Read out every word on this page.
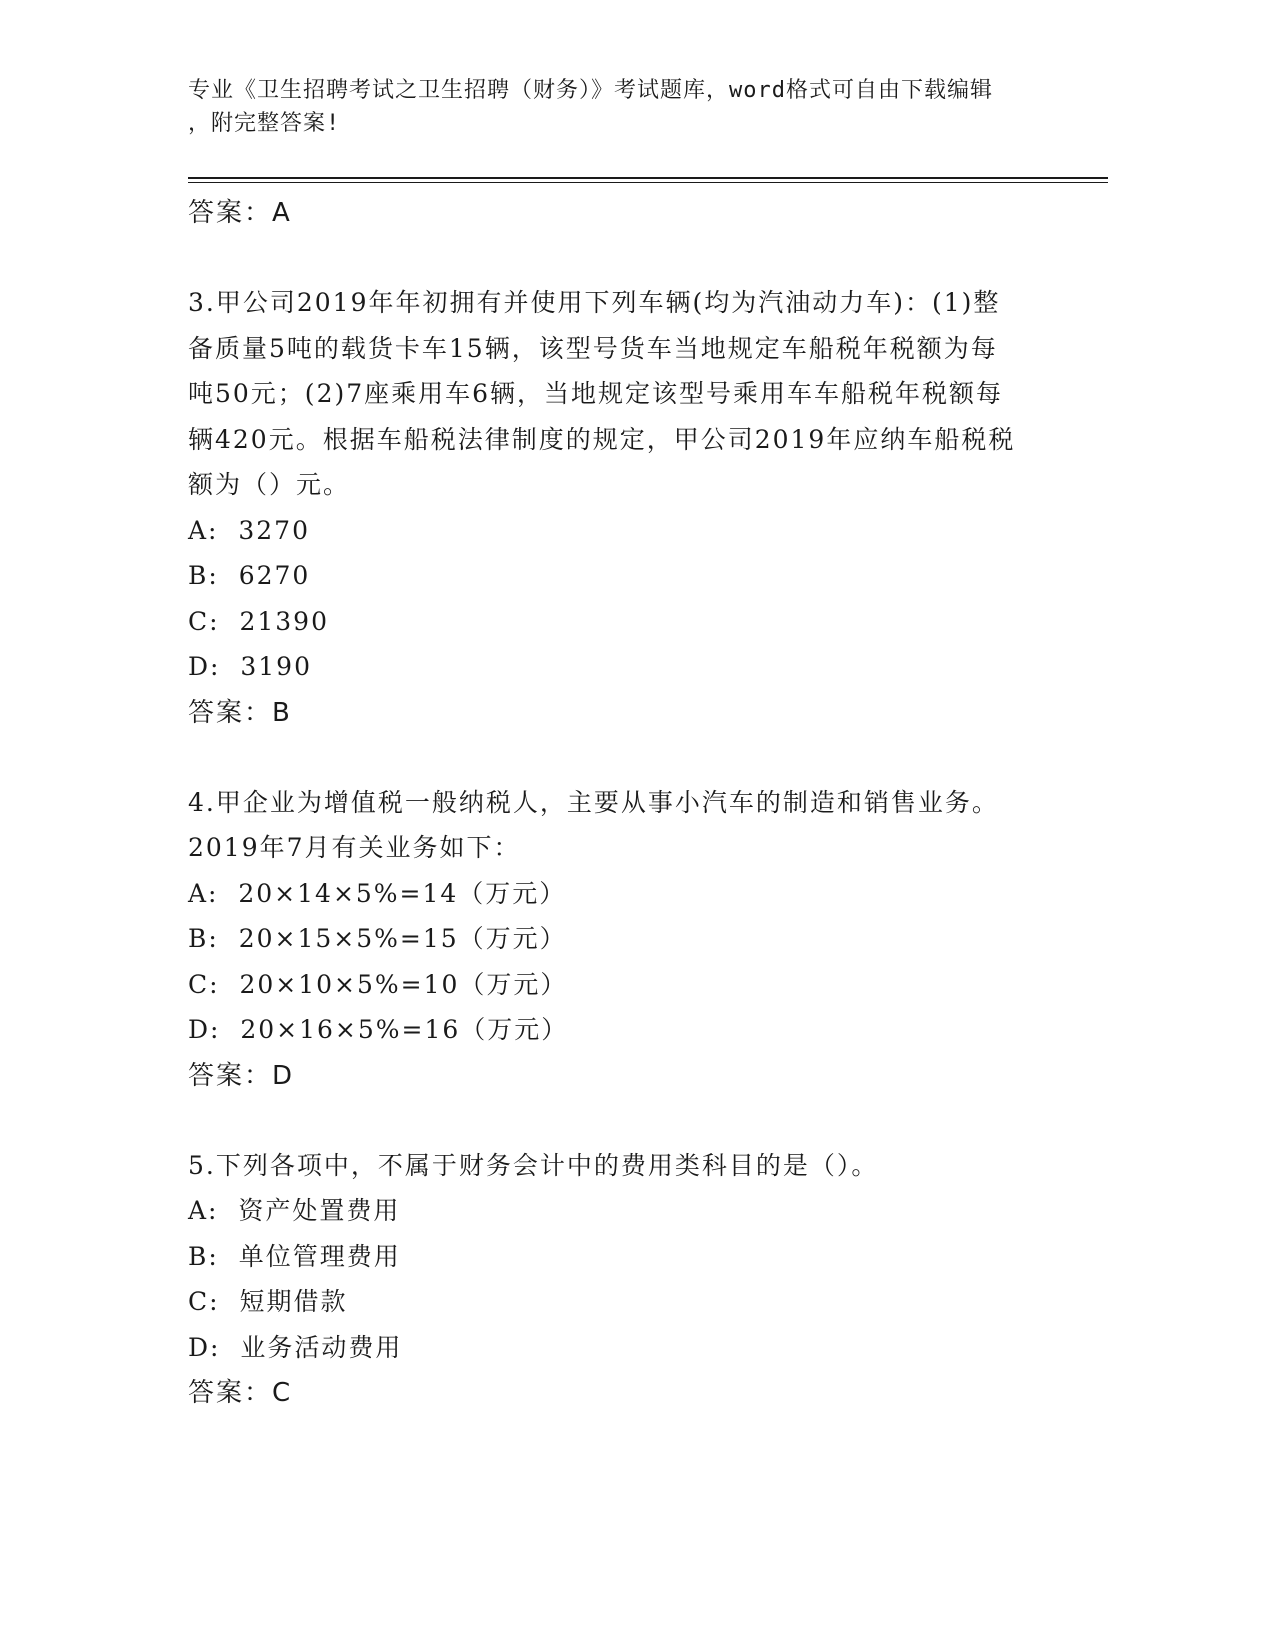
专业《卫生招聘考试之卫生招聘（财务）》考试题库，word格式可自由下载编辑
，附完整答案!
答案：A
3.甲公司2019年年初拥有并使用下列车辆(均为汽油动力车)：(1)整
备质量5吨的载货卡车15辆，该型号货车当地规定车船税年税额为每
吨50元；(2)7座乘用车6辆，当地规定该型号乘用车车船税年税额每
辆420元。根据车船税法律制度的规定，甲公司2019年应纳车船税税
额为（）元。
A:  3270
B:  6270
C:  21390
D:  3190
答案：B
4.甲企业为增值税一般纳税人，主要从事小汽车的制造和销售业务。
2019年7月有关业务如下：
A:  20×14×5%=14（万元）
B:  20×15×5%=15（万元）
C:  20×10×5%=10（万元）
D:  20×16×5%=16（万元）
答案：D
5.下列各项中，不属于财务会计中的费用类科目的是（）。
A:  资产处置费用
B:  单位管理费用
C:  短期借款
D:  业务活动费用
答案：C
